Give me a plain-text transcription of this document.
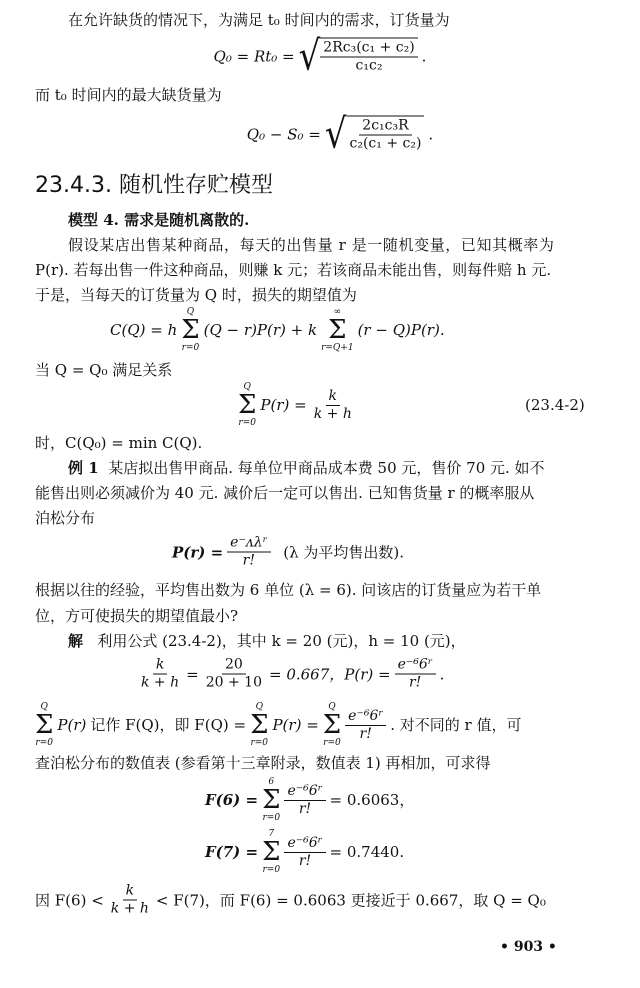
在允许缺货的情况下，为满足 t₀ 时间内的需求，订货量为
Q₀ = Rt₀ = √ $\frac{\text{2Rc₃(c₁ + c₂)}}{\text{c₁c₂}}$ .
而 t₀ 时间内的最大缺货量为
Q₀ − S₀ = √ $\frac{\text{2c₁c₃R}}{\text{c₂(c₁ + c₂)}}$ .
23.4.3. 随机性存贮模型
模型 4. 需求是随机离散的.
假设某店出售某种商品，每天的出售量 r 是一随机变量，已知其概率为
P(r). 若每出售一件这种商品，则赚 k 元；若该商品未能出售，则每件赔 h 元.
于是，当每天的订货量为 Q 时，损失的期望值为
C(Q) = h
Q
Σ
r=0
(Q − r)P(r) + k
∞
Σ
r=Q+1
(r − Q)P(r).
当 Q = Q₀ 满足关系
Q
Σ
r=0
$P(r) = \frac{k}{k + h}$	(23.4-2)
时，C(Q₀) = min C(Q).
例 1 某店拟出售甲商品. 每单位甲商品成本费 50 元，售价 70 元. 如不
能售出则必须减价为 40 元. 减价后一定可以售出. 已知售货量 r 的概率服从
泊松分布
$P(r) = \frac{\text{e⁻ᴧλʳ}}{r!}$
(λ 为平均售出数).
根据以往的经验，平均售出数为 6 单位 (λ = 6). 问该店的订货量应为若干单
位，方可使损失的期望值最小?
解 利用公式 (23.4-2)，其中 k = 20 (元)，h = 10 (元)，
$\frac{k}{k + h} = \frac{20}{20 + 10} = 0.667$，$P(r) = \frac{\text{e⁻⁶6ʳ}}{r!}$ .
Q
Σ
r=0
P(r) 记作 F(Q)，即 F(Q) =
Q
Σ
r=0
P(r) =
Q
Σ
r=0
$\frac{\text{e⁻⁶6ʳ}}{r!}$ . 对不同的 r 值，可
查泊松分布的数值表 (参看第十三章附录，数值表 1) 再相加，可求得
F(6) =
6
Σ
r=0
$\frac{\text{e⁻⁶6ʳ}}{r!} = 0.6063$，
F(7) =
7
Σ
r=0
$\frac{\text{e⁻⁶6ʳ}}{r!} = 0.7440$.
因 $F(6) < \frac{k}{k + h} < F(7)$，而 F(6) = 0.6063 更接近于 0.667，取 Q = Q₀
• 903 •
